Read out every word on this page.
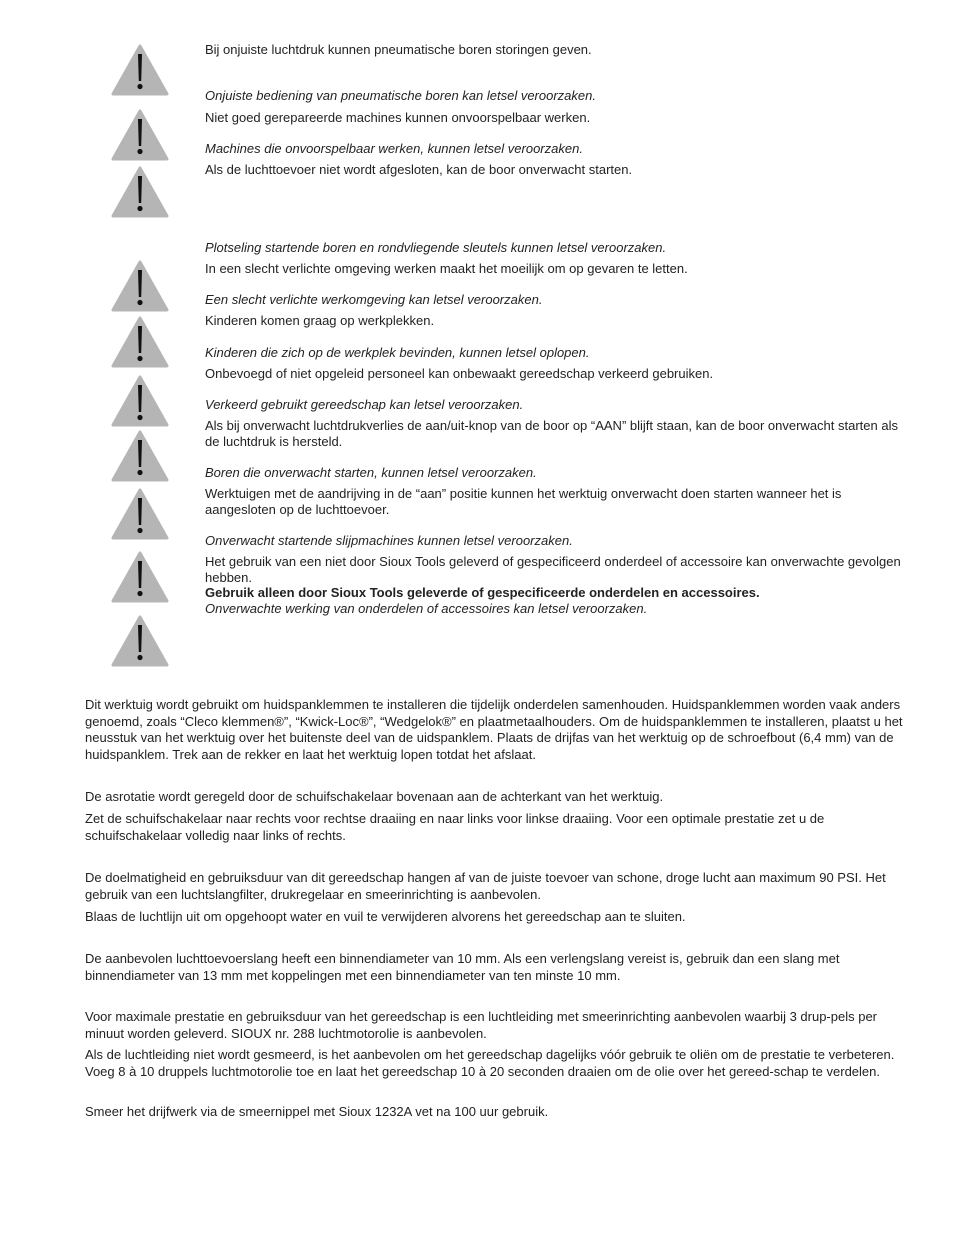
Bij onjuiste luchtdruk kunnen pneumatische boren storingen geven.
Onjuiste bediening van pneumatische boren kan letsel veroorzaken.
Niet goed gerepareerde machines kunnen onvoorspelbaar werken.
Machines die onvoorspelbaar werken, kunnen letsel veroorzaken.
Als de luchttoevoer niet wordt afgesloten, kan de boor onverwacht starten.
Plotseling startende boren en rondvliegende sleutels kunnen letsel veroorzaken.
In een slecht verlichte omgeving werken maakt het moeilijk om op gevaren te letten.
Een slecht verlichte werkomgeving kan letsel veroorzaken.
Kinderen komen graag op werkplekken.
Kinderen die zich op de werkplek bevinden, kunnen letsel oplopen.
Onbevoegd of niet opgeleid personeel kan onbewaakt gereedschap verkeerd gebruiken.
Verkeerd gebruikt gereedschap kan letsel veroorzaken.
Als bij onverwacht luchtdrukverlies de aan/uit-knop van de boor op “AAN” blijft staan, kan de boor onverwacht starten als de luchtdruk is hersteld.
Boren die onverwacht starten, kunnen letsel veroorzaken.
Werktuigen met de aandrijving in de “aan” positie kunnen het werktuig onverwacht doen starten wanneer het is aangesloten op de luchttoevoer.
Onverwacht startende slijpmachines kunnen letsel veroorzaken.
Het gebruik van een niet door Sioux Tools geleverd of gespecificeerd onderdeel of accessoire kan onverwachte gevolgen hebben.
Gebruik alleen door Sioux Tools geleverde of gespecificeerde onderdelen en accessoires.
Onverwachte werking van onderdelen of accessoires kan letsel veroorzaken.

Dit werktuig wordt gebruikt om huidspanklemmen te installeren die tijdelijk onderdelen samenhouden. Huidspanklemmen worden vaak anders genoemd, zoals “Cleco klemmen®”, “Kwick-Loc®”, “Wedgelok®” en plaatmetaalhouders. Om de huidspanklemmen te installeren, plaatst u het neusstuk van het werktuig over het buitenste deel van de uidspanklem. Plaats de drijfas van het werktuig op de schroefbout (6,4 mm) van de huidspanklem. Trek aan de rekker en laat het werktuig lopen totdat het afslaat.

De asrotatie wordt geregeld door de schuifschakelaar bovenaan aan de achterkant van het werktuig.

Zet de schuifschakelaar naar rechts voor rechtse draaiing en naar links voor linkse draaiing. Voor een optimale prestatie zet u de schuifschakelaar volledig naar links of rechts.

De doelmatigheid en gebruiksduur van dit gereedschap hangen af van de juiste toevoer van schone, droge lucht aan maximum 90 PSI. Het gebruik van een luchtslangfilter, drukregelaar en smeerinrichting is aanbevolen.

Blaas de luchtlijn uit om opgehoopt water en vuil te verwijderen alvorens het gereedschap aan te sluiten.

De aanbevolen luchttoevoerslang heeft een binnendiameter van 10 mm. Als een verlengslang vereist is, gebruik dan een slang met binnendiameter van 13 mm met koppelingen met een binnendiameter van ten minste 10 mm.

Voor maximale prestatie en gebruiksduur van het gereedschap is een luchtleiding met smeerinrichting aanbevolen waarbij 3 drup-pels per minuut worden geleverd. SIOUX nr. 288 luchtmotorolie is aanbevolen.

Als de luchtleiding niet wordt gesmeerd, is het aanbevolen om het gereedschap dagelijks vóór gebruik te oliën om de prestatie te verbeteren. Voeg 8 à 10 druppels luchtmotorolie toe en laat het gereedschap 10 à 20 seconden draaien om de olie over het gereed-schap te verdelen.

Smeer het drijfwerk via de smeernippel met Sioux 1232A vet na 100 uur gebruik.
